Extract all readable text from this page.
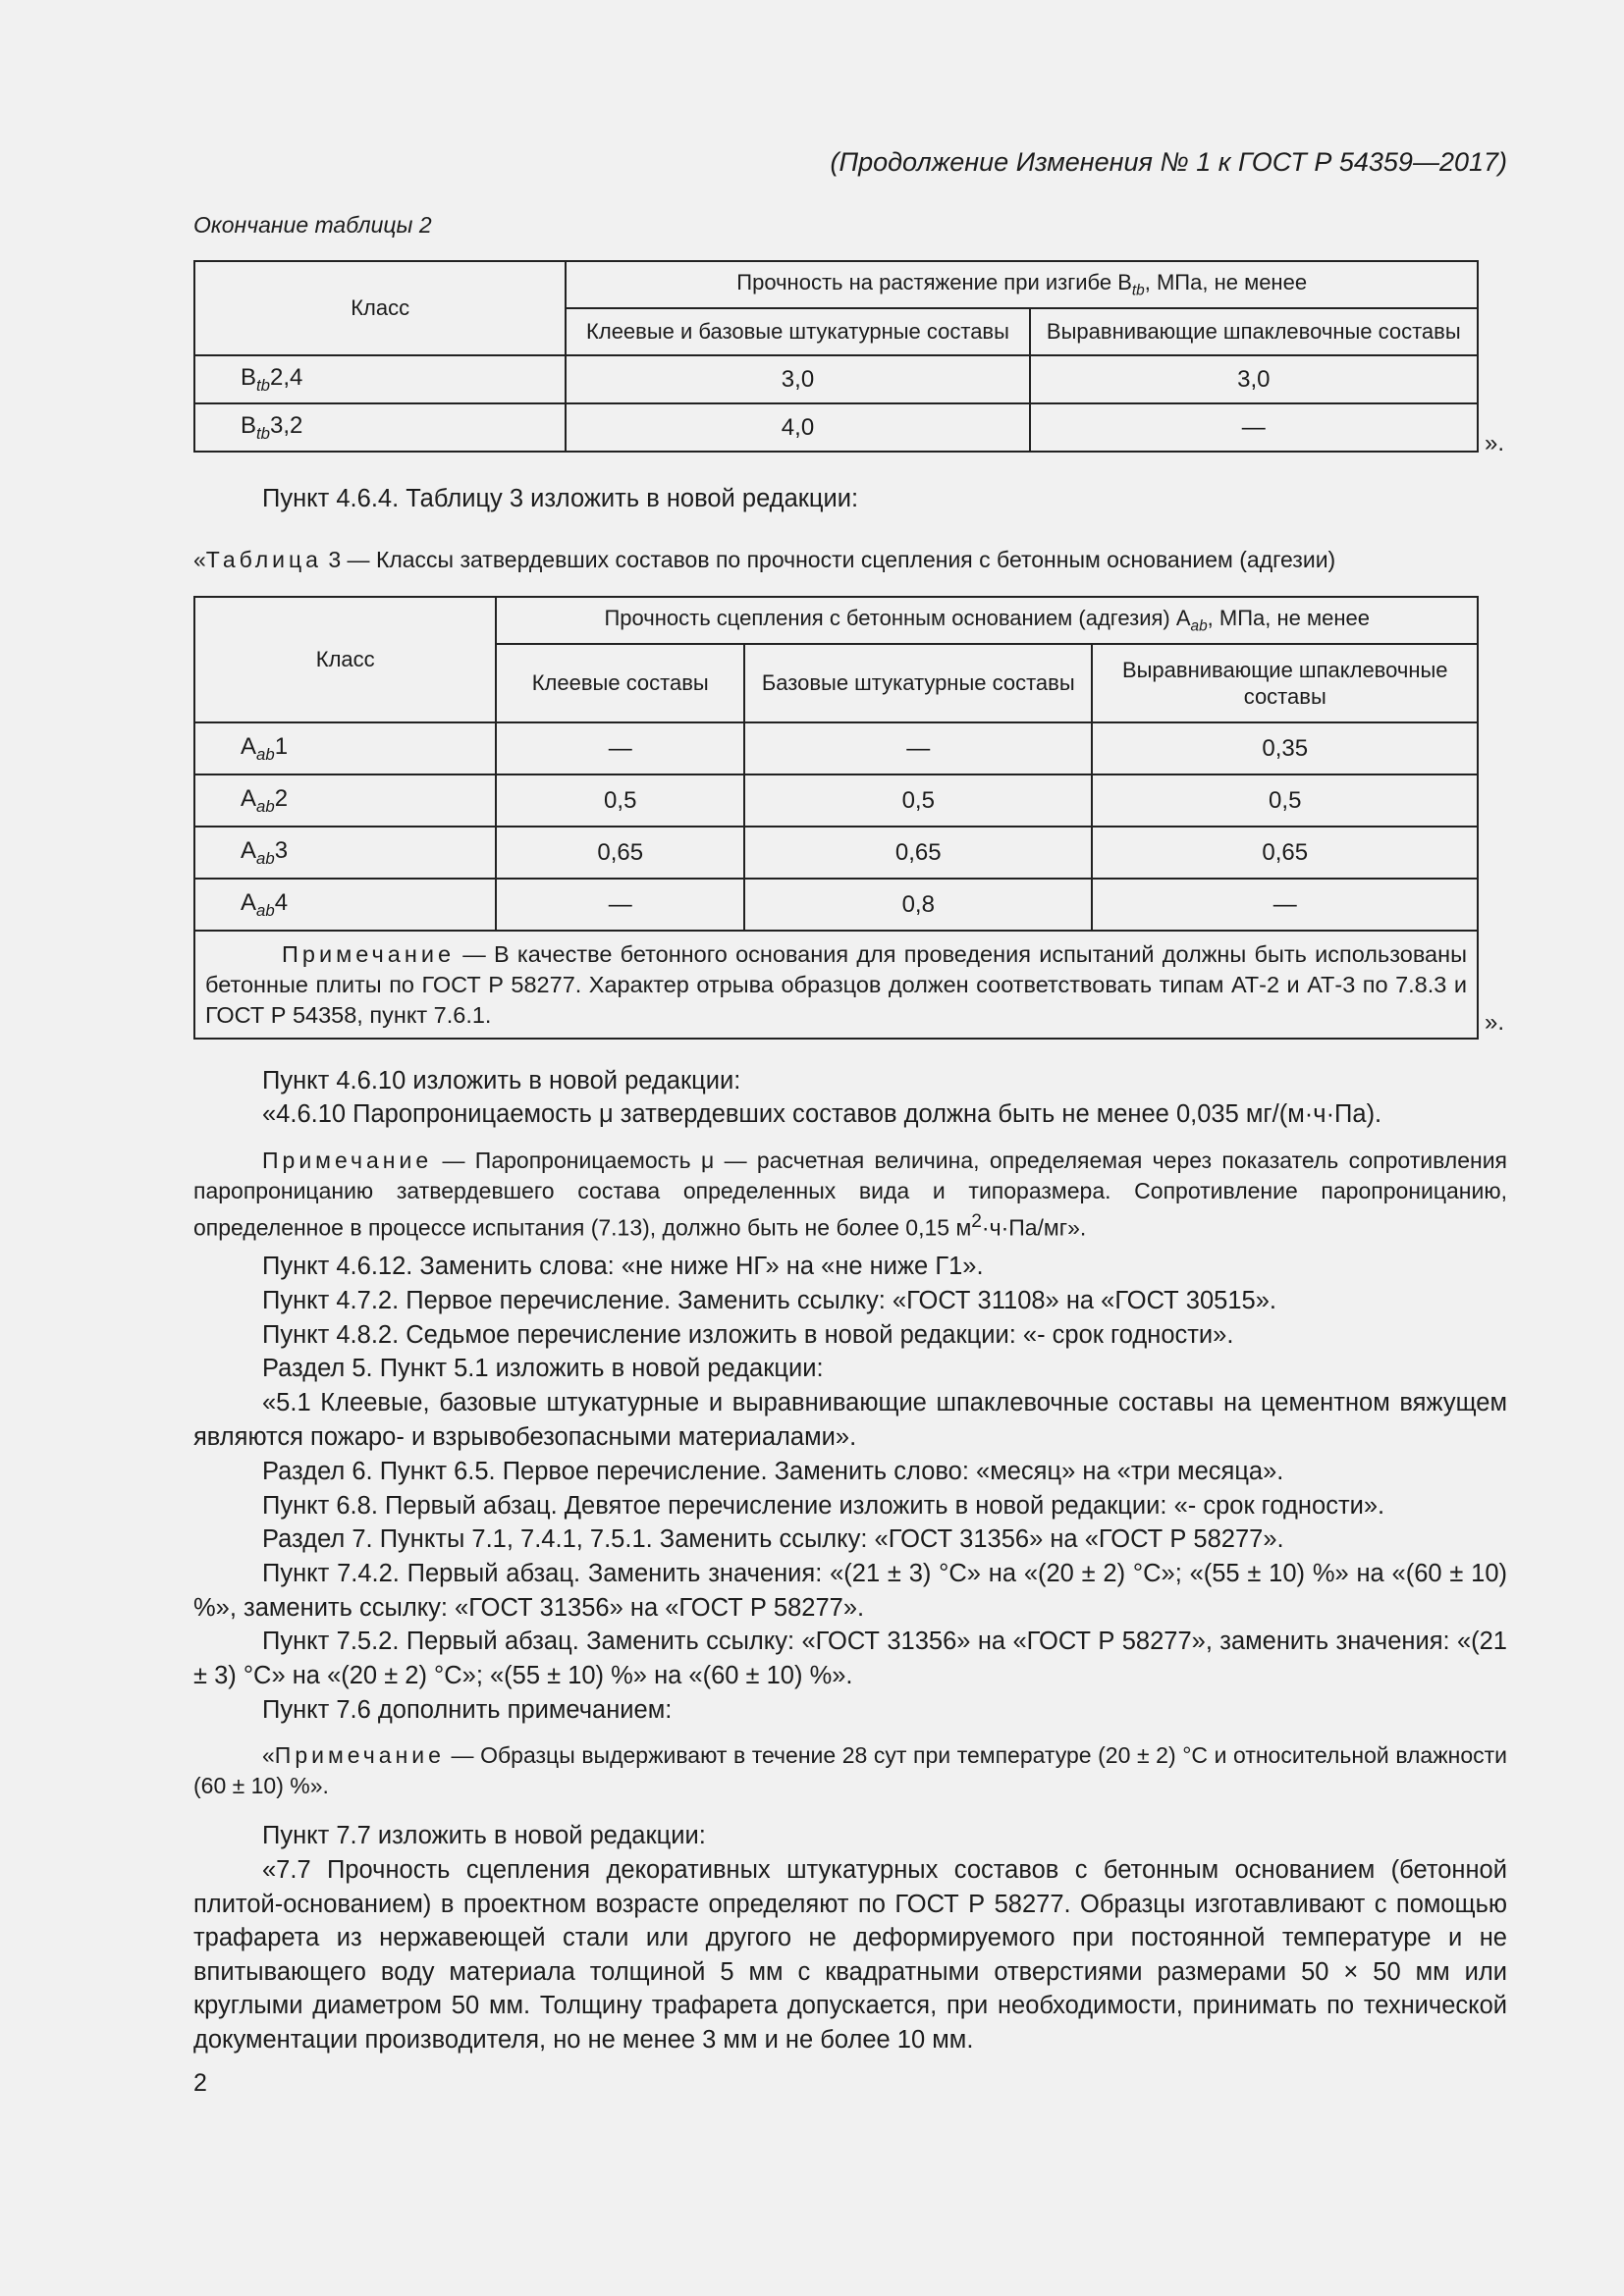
(Продолжение Изменения № 1 к ГОСТ Р 54359—2017)
Окончание таблицы 2
Класс	Прочность на растяжение при изгибе $B_{tb}$, МПа, не менее	
	Клеевые и базовые штукатурные составы	Выравнивающие шпаклевочные составы
$B_{tb}2,4$	3,0	3,0
$B_{tb}3,2$	4,0	—
».
Пункт 4.6.4. Таблицу 3 изложить в новой редакции:
«Таблица 3 — Классы затвердевших составов по прочности сцепления с бетонным основанием (адгезии)
Класс	Прочность сцепления с бетонным основанием (адгезия) $A_{ab}$, МПа, не менее		
	Клеевые составы	Базовые штукатурные составы	Выравнивающие шпаклевочные составы
$A_{ab}1$	—	—	0,35
$A_{ab}2$	0,5	0,5	0,5
$A_{ab}3$	0,65	0,65	0,65
$A_{ab}4$	—	0,8	—
Примечание — В качестве бетонного основания для проведения испытаний должны быть использованы бетонные плиты по ГОСТ Р 58277. Характер отрыва образцов должен соответствовать типам АТ-2 и АТ-3 по 7.8.3 и ГОСТ Р 54358, пункт 7.6.1.				».
Пункт 4.6.10 изложить в новой редакции:
«4.6.10 Паропроницаемость μ затвердевших составов должна быть не менее 0,035 мг/(м·ч·Па).
Примечание — Паропроницаемость μ — расчетная величина, определяемая через показатель сопротивления паропроницанию затвердевшего состава определенных вида и типоразмера. Сопротивление паропроницанию, определенное в процессе испытания (7.13), должно быть не более 0,15 $м^2\cdot ч\cdot Па/мг$».
Пункт 4.6.12. Заменить слова: «не ниже НГ» на «не ниже Г1».
Пункт 4.7.2. Первое перечисление. Заменить ссылку: «ГОСТ 31108» на «ГОСТ 30515».
Пункт 4.8.2. Седьмое перечисление изложить в новой редакции: «- срок годности».
Раздел 5. Пункт 5.1 изложить в новой редакции:
«5.1 Клеевые, базовые штукатурные и выравнивающие шпаклевочные составы на цементном вяжущем являются пожаро- и взрывобезопасными материалами».
Раздел 6. Пункт 6.5. Первое перечисление. Заменить слово: «месяц» на «три месяца».
Пункт 6.8. Первый абзац. Девятое перечисление изложить в новой редакции: «- срок годности».
Раздел 7. Пункты 7.1, 7.4.1, 7.5.1. Заменить ссылку: «ГОСТ 31356» на «ГОСТ Р 58277».
Пункт 7.4.2. Первый абзац. Заменить значения: «(21 ± 3) °С» на «(20 ± 2) °С»; «(55 ± 10) %» на «(60 ± 10) %», заменить ссылку: «ГОСТ 31356» на «ГОСТ Р 58277».
Пункт 7.5.2. Первый абзац. Заменить ссылку: «ГОСТ 31356» на «ГОСТ Р 58277», заменить значения: «(21 ± 3) °С» на «(20 ± 2) °С»; «(55 ± 10) %» на «(60 ± 10) %».
Пункт 7.6 дополнить примечанием:
«Примечание — Образцы выдерживают в течение 28 сут при температуре (20 ± 2) °С и относительной влажности (60 ± 10) %».
Пункт 7.7 изложить в новой редакции:
«7.7 Прочность сцепления декоративных штукатурных составов с бетонным основанием (бетонной плитой-основанием) в проектном возрасте определяют по ГОСТ Р 58277. Образцы изготавливают с помощью трафарета из нержавеющей стали или другого не деформируемого при постоянной температуре и не впитывающего воду материала толщиной 5 мм с квадратными отверстиями размерами 50 × 50 мм или круглыми диаметром 50 мм. Толщину трафарета допускается, при необходимости, принимать по технической документации производителя, но не менее 3 мм и не более 10 мм.
2
